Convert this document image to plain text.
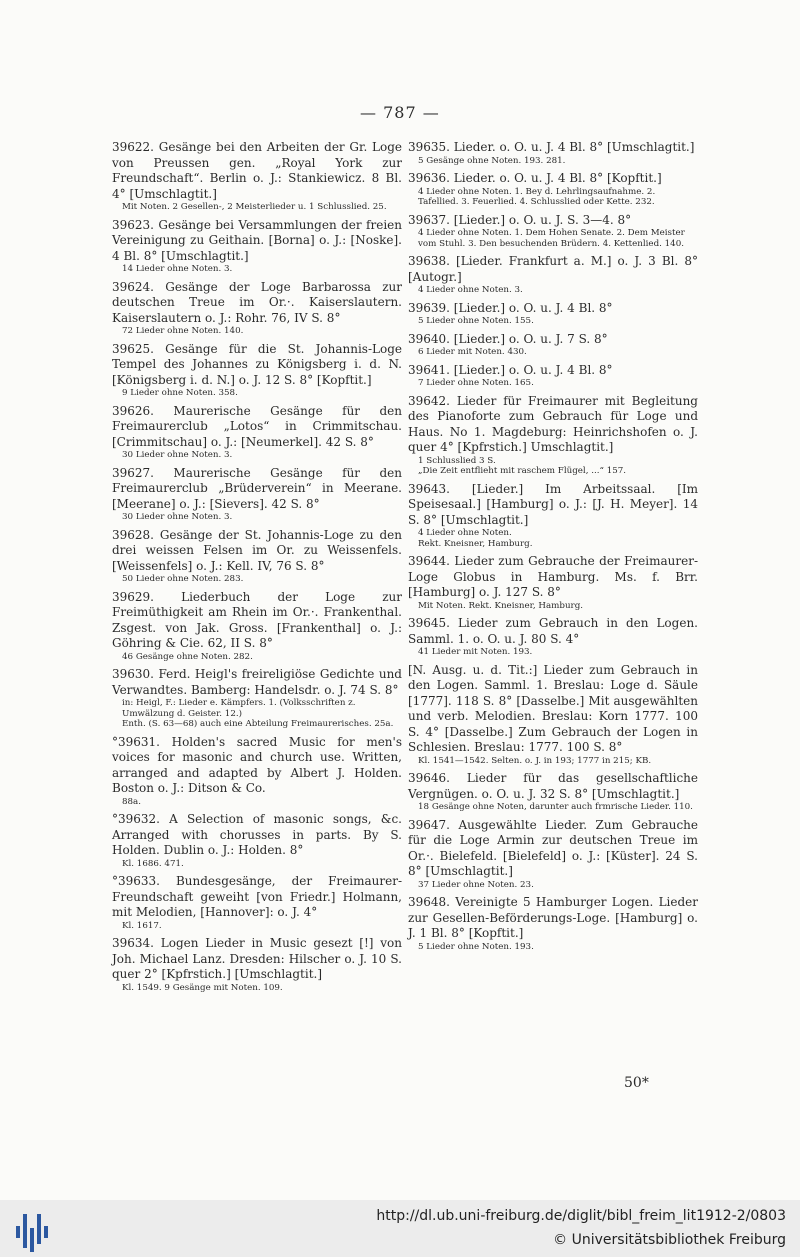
— 787 —
39622. Gesänge bei den Arbeiten der Gr. Loge von Preussen gen. „Royal York zur Freundschaft“. Berlin o. J.: Stankiewicz. 8 Bl. 4° [Umschlagtit.]
Mit Noten. 2 Gesellen-, 2 Meisterlieder u. 1 Schlusslied. 25.
39623. Gesänge bei Versammlungen der freien Vereinigung zu Geithain. [Borna] o. J.: [Noske]. 4 Bl. 8° [Umschlagtit.]
14 Lieder ohne Noten. 3.
39624. Gesänge der Loge Barbarossa zur deutschen Treue im Or.·. Kaiserslautern. Kaiserslautern o. J.: Rohr. 76, IV S. 8°
72 Lieder ohne Noten. 140.
39625. Gesänge für die St. Johannis-Loge Tempel des Johannes zu Königsberg i. d. N. [Königsberg i. d. N.] o. J. 12 S. 8° [Kopftit.]
9 Lieder ohne Noten. 358.
39626. Maurerische Gesänge für den Freimaurerclub „Lotos“ in Crimmitschau. [Crimmitschau] o. J.: [Neumerkel]. 42 S. 8°
30 Lieder ohne Noten. 3.
39627. Maurerische Gesänge für den Freimaurerclub „Brüderverein“ in Meerane. [Meerane] o. J.: [Sievers]. 42 S. 8°
30 Lieder ohne Noten. 3.
39628. Gesänge der St. Johannis-Loge zu den drei weissen Felsen im Or. zu Weissenfels. [Weissenfels] o. J.: Kell. IV, 76 S. 8°
50 Lieder ohne Noten. 283.
39629. Liederbuch der Loge zur Freimüthigkeit am Rhein im Or.·. Frankenthal. Zsgest. von Jak. Gross. [Frankenthal] o. J.: Göhring & Cie. 62, II S. 8°
46 Gesänge ohne Noten. 282.
39630. Ferd. Heigl's freireligiöse Gedichte und Verwandtes. Bamberg: Handelsdr. o. J. 74 S. 8°
in: Heigl, F.: Lieder e. Kämpfers. 1. (Volksschriften z. Umwälzung d. Geister. 12.)
Enth. (S. 63—68) auch eine Abteilung Freimaurerisches. 25a.
°39631. Holden's sacred Music for men's voices for masonic and church use. Written, arranged and adapted by Albert J. Holden. Boston o. J.: Ditson & Co.
88a.
°39632. A Selection of masonic songs, &c. Arranged with chorusses in parts. By S. Holden. Dublin o. J.: Holden. 8°
Kl. 1686. 471.
°39633. Bundesgesänge, der Freimaurer-Freundschaft geweiht [von Friedr.] Holmann, mit Melodien, [Hannover]: o. J. 4°
Kl. 1617.
39634. Logen Lieder in Music gesezt [!] von Joh. Michael Lanz. Dresden: Hilscher o. J. 10 S. quer 2° [Kpfrstich.] [Umschlagtit.]
Kl. 1549. 9 Gesänge mit Noten. 109.
39635. Lieder. o. O. u. J. 4 Bl. 8° [Umschlagtit.]
5 Gesänge ohne Noten. 193. 281.
39636. Lieder. o. O. u. J. 4 Bl. 8° [Kopftit.]
4 Lieder ohne Noten. 1. Bey d. Lehrlingsaufnahme. 2. Tafellied. 3. Feuerlied. 4. Schlusslied oder Kette. 232.
39637. [Lieder.] o. O. u. J. S. 3—4. 8°
4 Lieder ohne Noten. 1. Dem Hohen Senate. 2. Dem Meister vom Stuhl. 3. Den besuchenden Brüdern. 4. Kettenlied. 140.
39638. [Lieder. Frankfurt a. M.] o. J. 3 Bl. 8° [Autogr.]
4 Lieder ohne Noten. 3.
39639. [Lieder.] o. O. u. J. 4 Bl. 8°
5 Lieder ohne Noten. 155.
39640. [Lieder.] o. O. u. J. 7 S. 8°
6 Lieder mit Noten. 430.
39641. [Lieder.] o. O. u. J. 4 Bl. 8°
7 Lieder ohne Noten. 165.
39642. Lieder für Freimaurer mit Begleitung des Pianoforte zum Gebrauch für Loge und Haus. No 1. Magdeburg: Heinrichshofen o. J. quer 4° [Kpfrstich.] Umschlagtit.]
1 Schlusslied 3 S.
„Die Zeit entflieht mit raschem Flügel, ...“ 157.
39643. [Lieder.] Im Arbeitssaal. [Im Speisesaal.] [Hamburg] o. J.: [J. H. Meyer]. 14 S. 8° [Umschlagtit.]
4 Lieder ohne Noten.
Rekt. Kneisner, Hamburg.
39644. Lieder zum Gebrauche der Freimaurer-Loge Globus in Hamburg. Ms. f. Brr. [Hamburg] o. J. 127 S. 8°
Mit Noten. Rekt. Kneisner, Hamburg.
39645. Lieder zum Gebrauch in den Logen. Samml. 1. o. O. u. J. 80 S. 4°
41 Lieder mit Noten. 193.
[N. Ausg. u. d. Tit.:] Lieder zum Gebrauch in den Logen. Samml. 1. Breslau: Loge d. Säule [1777]. 118 S. 8° [Dasselbe.] Mit ausgewählten und verb. Melodien. Breslau: Korn 1777. 100 S. 4° [Dasselbe.] Zum Gebrauch der Logen in Schlesien. Breslau: 1777. 100 S. 8°
Kl. 1541—1542. Selten. o. J. in 193; 1777 in 215; KB.
39646. Lieder für das gesellschaftliche Vergnügen. o. O. u. J. 32 S. 8° [Umschlagtit.]
18 Gesänge ohne Noten, darunter auch frmrische Lieder. 110.
39647. Ausgewählte Lieder. Zum Gebrauche für die Loge Armin zur deutschen Treue im Or.·. Bielefeld. [Bielefeld] o. J.: [Küster]. 24 S. 8° [Umschlagtit.]
37 Lieder ohne Noten. 23.
39648. Vereinigte 5 Hamburger Logen. Lieder zur Gesellen-Beförderungs-Loge. [Hamburg] o. J. 1 Bl. 8° [Kopftit.]
5 Lieder ohne Noten. 193.
50*
http://dl.ub.uni-freiburg.de/diglit/bibl_freim_lit1912-2/0803
© Universitätsbibliothek Freiburg
